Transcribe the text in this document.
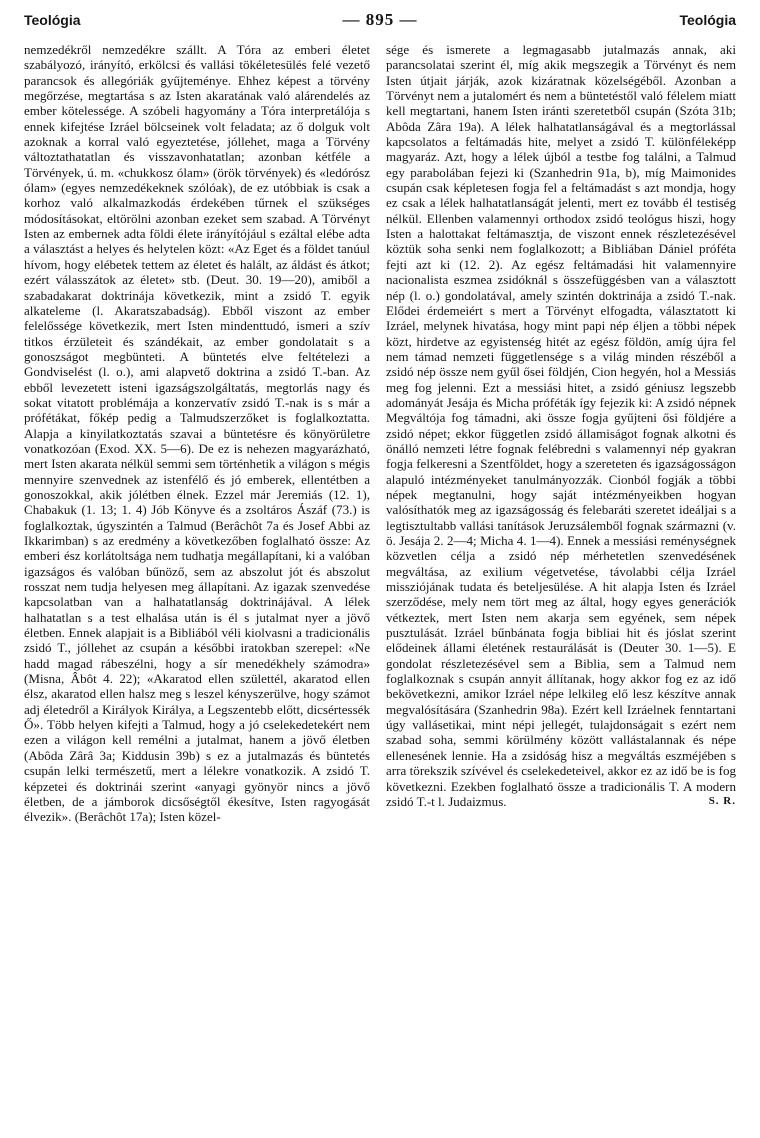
Teológia	— 895 —	Teológia

nemzedékről nemzedékre szállt. A Tóra az emberi életet szabályozó, irányító, erkölcsi és vallási tökéletesülés felé vezető parancsok és allegóriák gyűjteménye. Ehhez képest a törvény megőrzése, megtartása s az Isten akaratának való alárendelés az ember kötelessége. A szóbeli hagyomány a Tóra interpretálója s ennek kifejtése Izráel bölcseinek volt feladata; az ő dolguk volt azoknak a korral való egyeztetése, jóllehet, maga a Törvény változtathatatlan és visszavonhatatlan; azonban kétféle a Törvények, ú. m. «chukkosz ólam» (örök törvények) és «ledórósz ólam» (egyes nemzedékeknek szólóak), de ez utóbbiak is csak a korhoz való alkalmazkodás érdekében tűrnek el szükséges módosításokat, eltörölni azonban ezeket sem szabad. A Törvényt Isten az embernek adta földi élete irányítójául s ezáltal elébe adta a választást a helyes és helytelen közt: «Az Eget és a földet tanúul hívom, hogy elébetek tettem az életet és halált, az áldást és átkot; ezért válasszátok az életet» stb. (Deut. 30. 19—20), amiből a szabadakarat doktrinája következik, mint a zsidó T. egyik alkateleme (l. Akaratszabadság). Ebből viszont az ember felelőssége következik, mert Isten mindenttudó, ismeri a szív titkos érzületeit és szándékait, az ember gondolatait s a gonoszságot megbünteti. A büntetés elve feltételezi a Gondviselést (l. o.), ami alapvető doktrina a zsidó T.-ban. Az ebből levezetett isteni igazságszolgáltatás, megtorlás nagy és sokat vitatott problémája a konzervatív zsidó T.-nak is s már a prófétákat, főkép pedig a Talmudszerzőket is foglalkoztatta. Alapja a kinyilatkoztatás szavai a büntetésre és könyörületre vonatkozóan (Exod. XX. 5—6). De ez is nehezen magyarázható, mert Isten akarata nélkül semmi sem történhetik a világon s mégis mennyire szenvednek az istenfélő és jó emberek, ellentétben a gonoszokkal, akik jólétben élnek. Ezzel már Jeremiás (12. 1), Chabakuk (1. 13; 1. 4) Jób Könyve és a zsoltáros Ászáf (73.) is foglalkoztak, úgyszintén a Talmud (Berâchôt 7a és Josef Abbi az Ikkarimban) s az eredmény a következőben foglalható össze: Az emberi ész korlátoltsága nem tudhatja megállapítani, ki a valóban igazságos és valóban bűnöző, sem az abszolut jót és abszolut rosszat nem tudja helyesen meg állapítani. Az igazak szenvedése kapcsolatban van a halhatatlanság doktrinájával. A lélek halhatatlan s a test elhalása után is él s jutalmat nyer a jövő életben. Ennek alapjait is a Bibliából véli kiolvasni a tradicionális zsidó T., jóllehet az csupán a későbbi iratokban szerepel: «Ne hadd magad rábeszélni, hogy a sír menedékhely számodra» (Misna, Âbôt 4. 22); «Akaratod ellen születtél, akaratod ellen élsz, akaratod ellen halsz meg s leszel kényszerülve, hogy számot adj életedről a Királyok Királya, a Legszentebb előtt, dicsértessék Ő». Több helyen kifejti a Talmud, hogy a jó cselekedetekért nem ezen a világon kell remélni a jutalmat, hanem a jövő életben (Abôda Zârâ 3a; Kiddusin 39b) s ez a jutalmazás és büntetés csupán lelki természetű, mert a lélekre vonatkozik. A zsidó T. képzetei és doktrinái szerint «anyagi gyönyör nincs a jövő életben, de a jámborok dicsőségtől ékesítve, Isten ragyogását élvezik». (Berâchôt 17a); Isten közel-

sége és ismerete a legmagasabb jutalmazás annak, aki parancsolatai szerint él, míg akik megszegik a Törvényt és nem Isten útjait járják, azok kizáratnak közelségéből. Azonban a Törvényt nem a jutalomért és nem a büntetéstől való félelem miatt kell megtartani, hanem Isten iránti szeretetből csupán (Szóta 31b; Abôda Zâra 19a). A lélek halhatatlanságával és a megtorlással kapcsolatos a feltámadás hite, melyet a zsidó T. különféleképp magyaráz. Azt, hogy a lélek újból a testbe fog találni, a Talmud egy parabolában fejezi ki (Szanhedrin 91a, b), míg Maimonides csupán csak képletesen fogja fel a feltámadást s azt mondja, hogy ez csak a lélek halhatatlanságát jelenti, mert ez tovább él testiség nélkül. Ellenben valamennyi orthodox zsidó teológus hiszi, hogy Isten a halottakat feltámasztja, de viszont ennek részletezésével köztük soha senki nem foglalkozott; a Bibliában Dániel próféta fejti azt ki (12. 2). Az egész feltámadási hit valamennyire nacionalista eszmea zsidóknál s összefüggésben van a választott nép (l. o.) gondolatával, amely szintén doktrinája a zsidó T.-nak. Elődei érdemeiért s mert a Törvényt elfogadta, választatott ki Izráel, melynek hivatása, hogy mint papi nép éljen a többi népek közt, hirdetve az egyistenség hitét az egész földön, amíg újra fel nem támad nemzeti függetlensége s a világ minden részéből a zsidó nép össze nem gyűl ősei földjén, Cion hegyén, hol a Messiás meg fog jelenni. Ezt a messiási hitet, a zsidó géniusz legszebb adományát Jesája és Micha próféták így fejezik ki: A zsidó népnek Megváltója fog támadni, aki össze fogja gyűjteni ősi földjére a zsidó népet; ekkor független zsidó államiságot fognak alkotni és önálló nemzeti létre fognak felébredni s valamennyi nép gyakran fogja felkeresni a Szentföldet, hogy a szereteten és igazságosságon alapuló intézményeket tanulmányozzák. Cionból fogják a többi népek megtanulni, hogy saját intézményeikben hogyan valósíthatók meg az igazságosság és felebaráti szeretet ideáljai s a legtisztultabb vallási tanítások Jeruzsálemből fognak származni (v. ö. Jesája 2. 2—4; Micha 4. 1—4). Ennek a messiási reménységnek közvetlen célja a zsidó nép mérhetetlen szenvedésének megváltása, az exilium végetvetése, távolabbi célja Izráel missziójának tudata és beteljesülése. A hit alapja Isten és Izráel szerződése, mely nem tört meg az által, hogy egyes generációk vétkeztek, mert Isten nem akarja sem egyének, sem népek pusztulását. Izráel bűnbánata fogja bibliai hit és jóslat szerint elődeinek állami életének restaurálását is (Deuter 30. 1—5). E gondolat részletezésével sem a Biblia, sem a Talmud nem foglalkoznak s csupán annyit állítanak, hogy akkor fog ez az idő bekövetkezni, amikor Izráel népe lelkileg elő lesz készítve annak megvalósítására (Szanhedrin 98a). Ezért kell Izráelnek fenntartani úgy vallásetikai, mint népi jellegét, tulajdonságait s ezért nem szabad soha, semmi körülmény között vallástalannak és népe ellenesének lennie. Ha a zsidóság hisz a megváltás eszméjében s arra törekszik szívével és cselekedeteivel, akkor ez az idő be is fog következni. Ezekben foglalható össze a tradicionális T. A modern zsidó T.-t l. Judaizmus.	S. R.
